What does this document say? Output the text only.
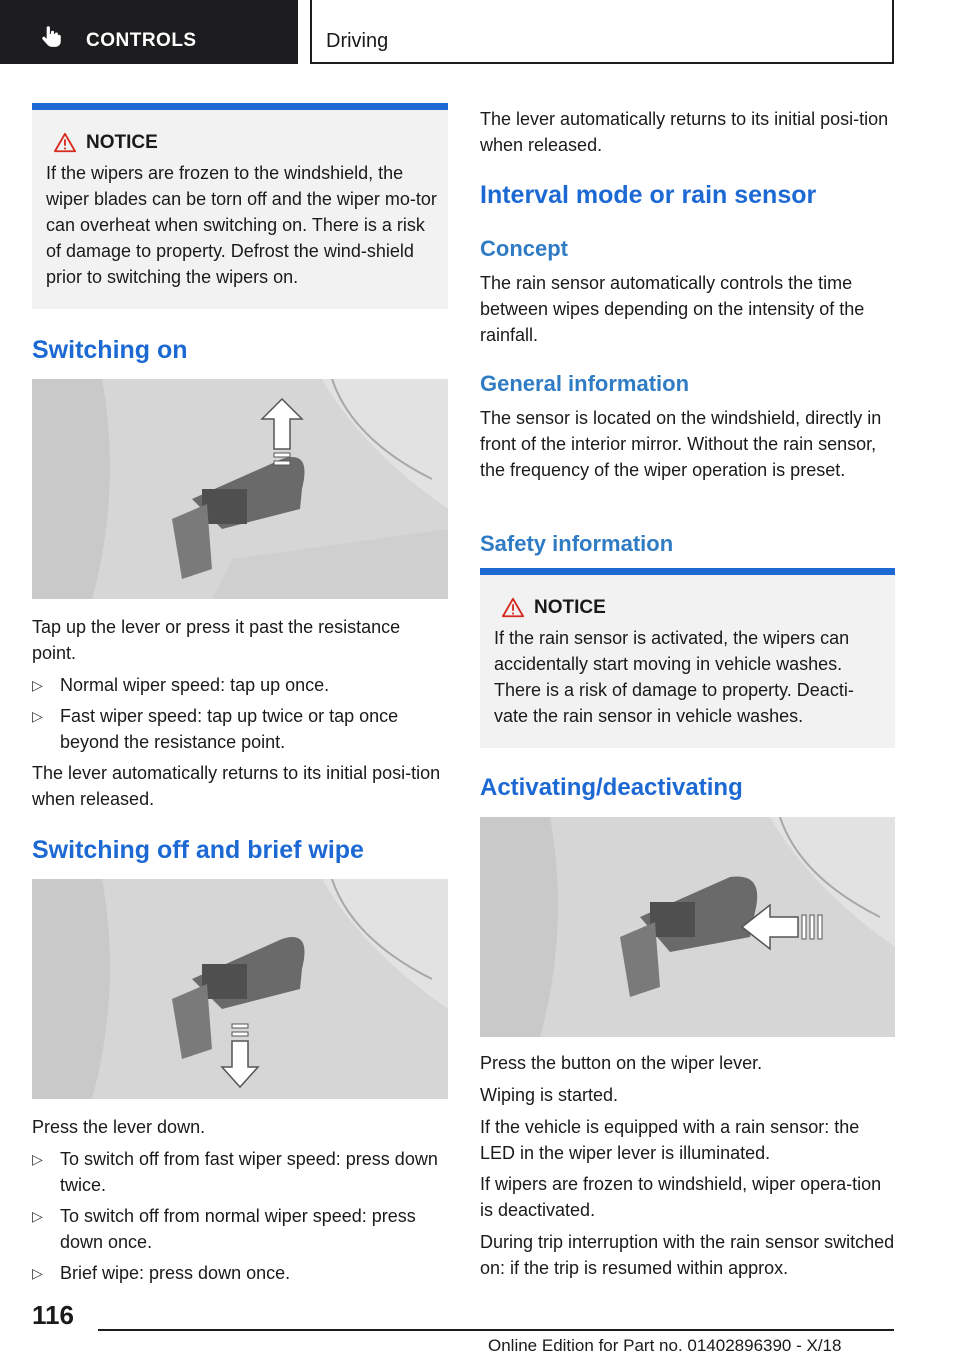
CONTROLS	Driving
NOTICE
If the wipers are frozen to the windshield, the wiper blades can be torn off and the wiper mo-tor can overheat when switching on. There is a risk of damage to property. Defrost the wind-shield prior to switching the wipers on.
Switching on
Tap up the lever or press it past the resistance point.
▷ Normal wiper speed: tap up once.
▷ Fast wiper speed: tap up twice or tap once beyond the resistance point.
The lever automatically returns to its initial posi-tion when released.
Switching off and brief wipe
Press the lever down.
▷ To switch off from fast wiper speed: press down twice.
▷ To switch off from normal wiper speed: press down once.
▷ Brief wipe: press down once.
The lever automatically returns to its initial posi-tion when released.
Interval mode or rain sensor
Concept
The rain sensor automatically controls the time between wipes depending on the intensity of the rainfall.
General information
The sensor is located on the windshield, directly in front of the interior mirror. Without the rain sensor, the frequency of the wiper operation is preset.
Safety information
NOTICE
If the rain sensor is activated, the wipers can accidentally start moving in vehicle washes. There is a risk of damage to property. Deacti-vate the rain sensor in vehicle washes.
Activating/deactivating
Press the button on the wiper lever.
Wiping is started.
If the vehicle is equipped with a rain sensor: the LED in the wiper lever is illuminated.
If wipers are frozen to windshield, wiper opera-tion is deactivated.
During trip interruption with the rain sensor switched on: if the trip is resumed within approx.
116
Online Edition for Part no. 01402896390 - X/18
